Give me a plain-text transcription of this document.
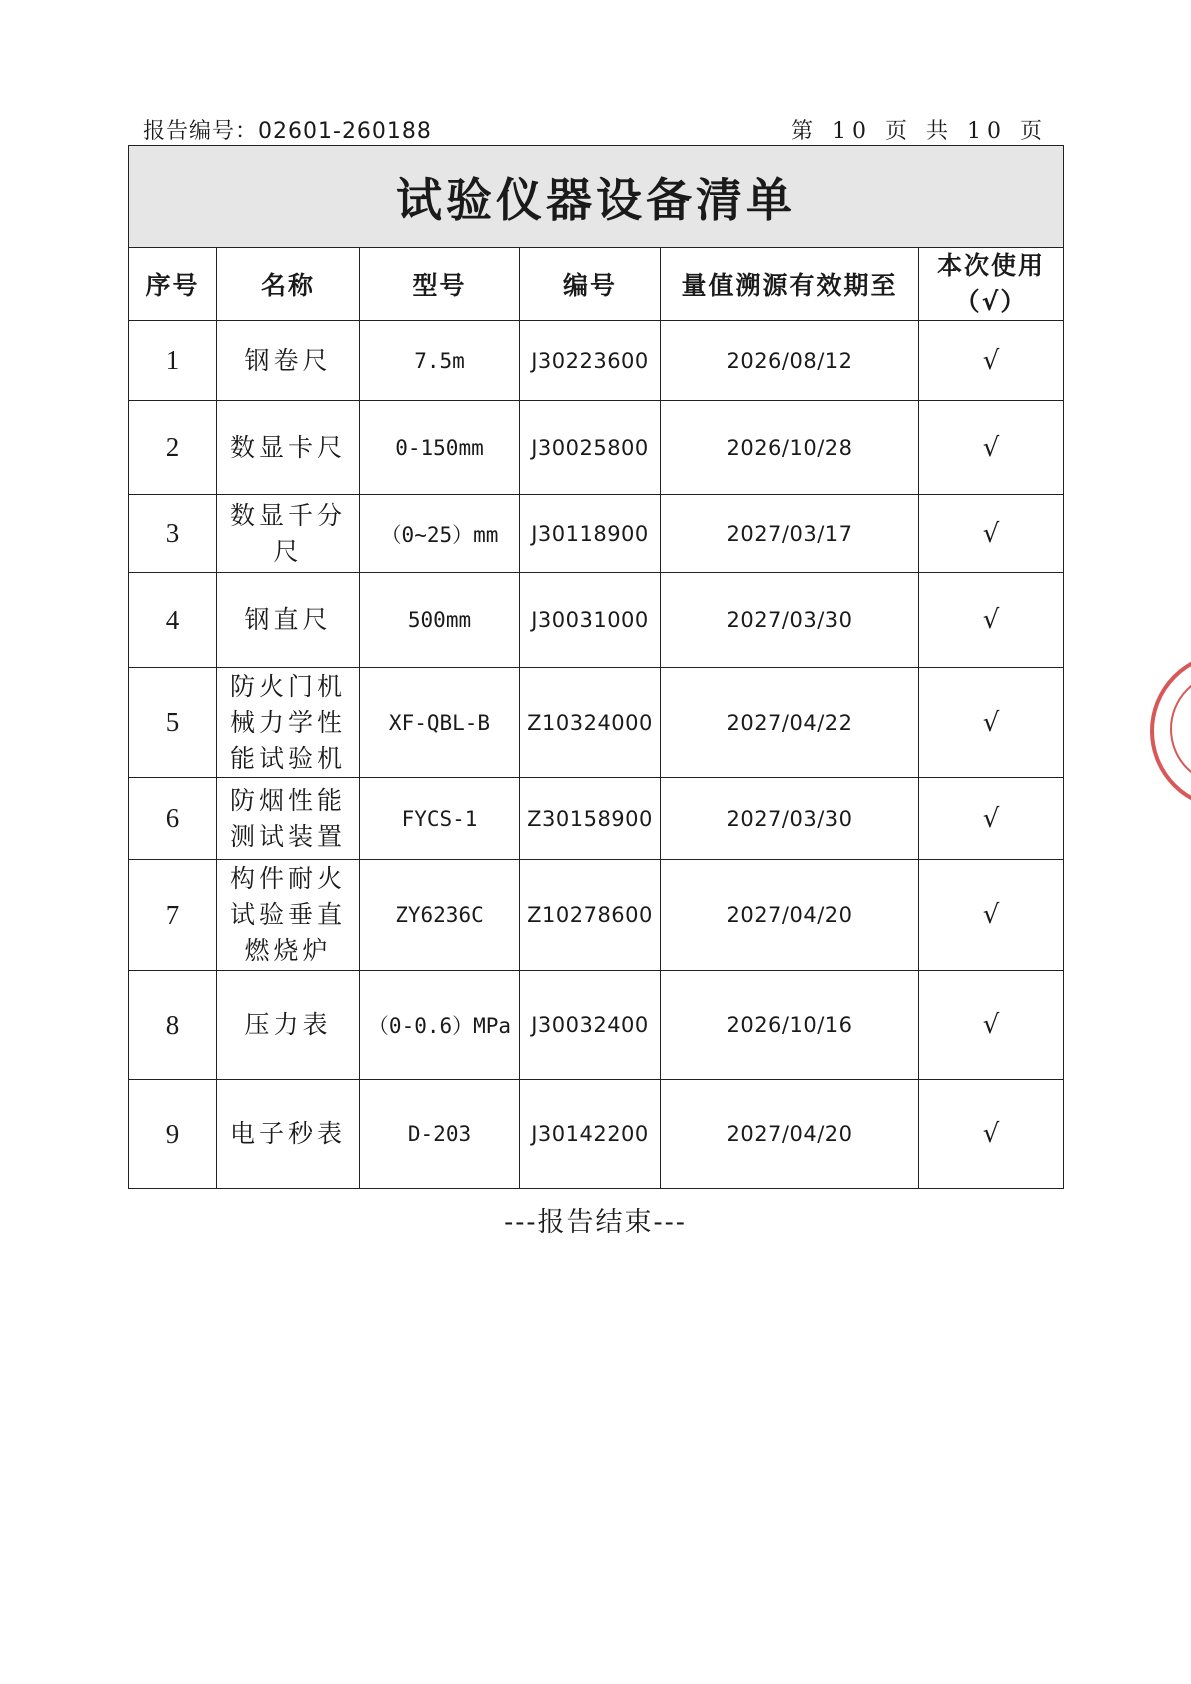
报告编号：02601-260188	第 10 页 共 10 页
试验仪器设备清单					
序号	名称	型号	编号	量值溯源有效期至	本次使用
（√）
1	钢卷尺	7.5m	J30223600	2026/08/12	√
2	数显卡尺	0-150mm	J30025800	2026/10/28	√
3	数显千分尺	（0~25）mm	J30118900	2027/03/17	√
4	钢直尺	500mm	J30031000	2027/03/30	√
5	防火门机械力学性能试验机	XF-QBL-B	Z10324000	2027/04/22	√
6	防烟性能测试装置	FYCS-1	Z30158900	2027/03/30	√
7	构件耐火试验垂直燃烧炉	ZY6236C	Z10278600	2027/04/20	√
8	压力表	（0-0.6）MPa	J30032400	2026/10/16	√
9	电子秒表	D-203	J30142200	2027/04/20	√
---报告结束---
